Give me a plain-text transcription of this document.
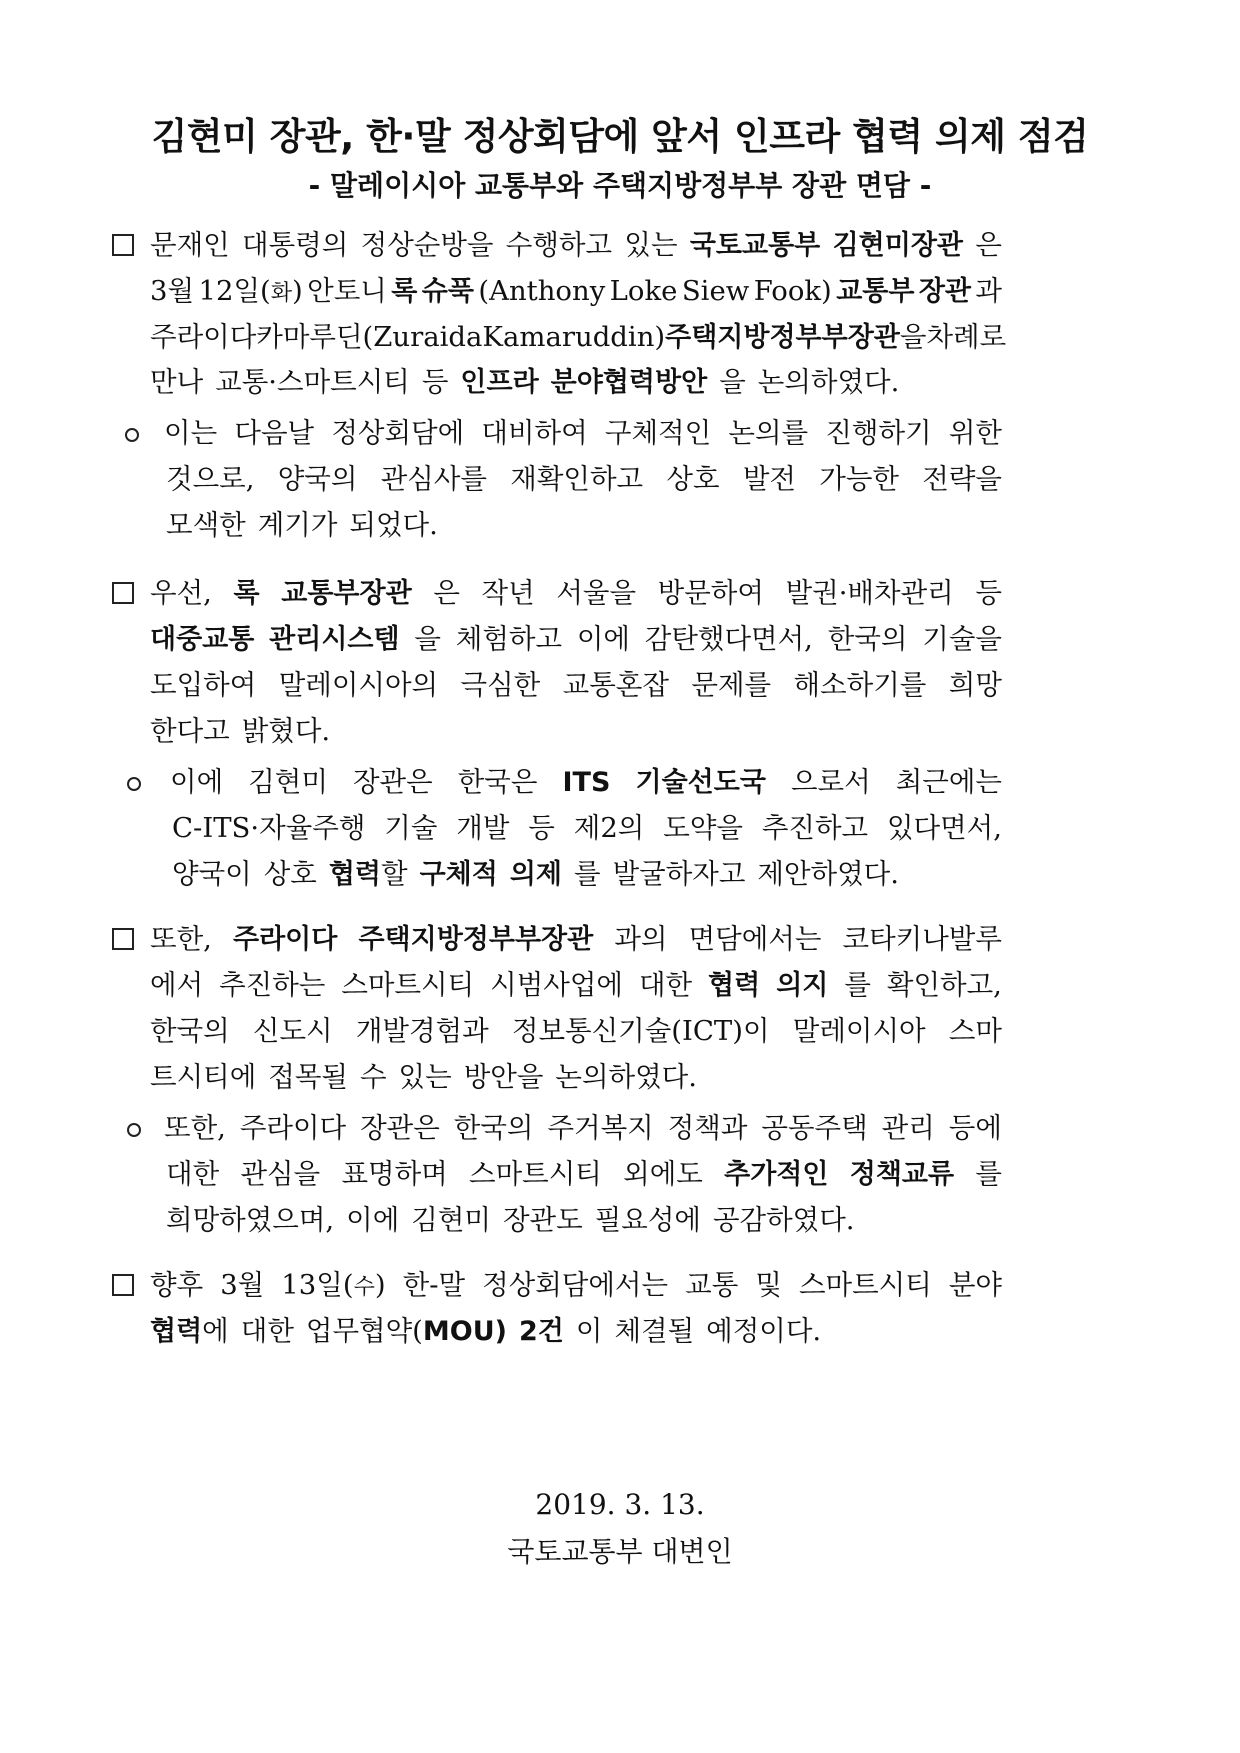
김현미 장관, 한·말 정상회담에 앞서 인프라 협력 의제 점검
- 말레이시아 교통부와 주택지방정부부 장관 면담 -
문재인 대통령의 정상순방을 수행하고 있는 국토교통부 김현미장관 은
3월 12일(화) 안토니 록 슈푹 (Anthony Loke Siew Fook) 교통부 장관 과
주라이다 카마루딘(Zuraida Kamaruddin) 주택지방정부부 장관 을 차례로
만나 교통·스마트시티 등 인프라 분야협력방안 을 논의하였다.
이는 다음날 정상회담에 대비하여 구체적인 논의를 진행하기 위한
것으로, 양국의 관심사를 재확인하고 상호 발전 가능한 전략을
모색한 계기가 되었다.
우선, 록 교통부장관 은 작년 서울을 방문하여 발권·배차관리 등
대중교통 관리시스템 을 체험하고 이에 감탄했다면서, 한국의 기술을
도입하여 말레이시아의 극심한 교통혼잡 문제를 해소하기를 희망
한다고 밝혔다.
이에 김현미 장관은 한국은 ITS 기술선도국 으로서 최근에는
C-ITS·자율주행 기술 개발 등 제2의 도약을 추진하고 있다면서,
양국이 상호 협력할 구체적 의제 를 발굴하자고 제안하였다.
또한, 주라이다 주택지방정부부장관 과의 면담에서는 코타키나발루
에서 추진하는 스마트시티 시범사업에 대한 협력 의지 를 확인하고,
한국의 신도시 개발경험과 정보통신기술(ICT)이 말레이시아 스마
트시티에 접목될 수 있는 방안을 논의하였다.
또한, 주라이다 장관은 한국의 주거복지 정책과 공동주택 관리 등에
대한 관심을 표명하며 스마트시티 외에도 추가적인 정책교류 를
희망하였으며, 이에 김현미 장관도 필요성에 공감하였다.
향후 3월 13일(수) 한-말 정상회담에서는 교통 및 스마트시티 분야
협력에 대한 업무협약(MOU) 2건 이 체결될 예정이다.
2019. 3. 13.
국토교통부 대변인
